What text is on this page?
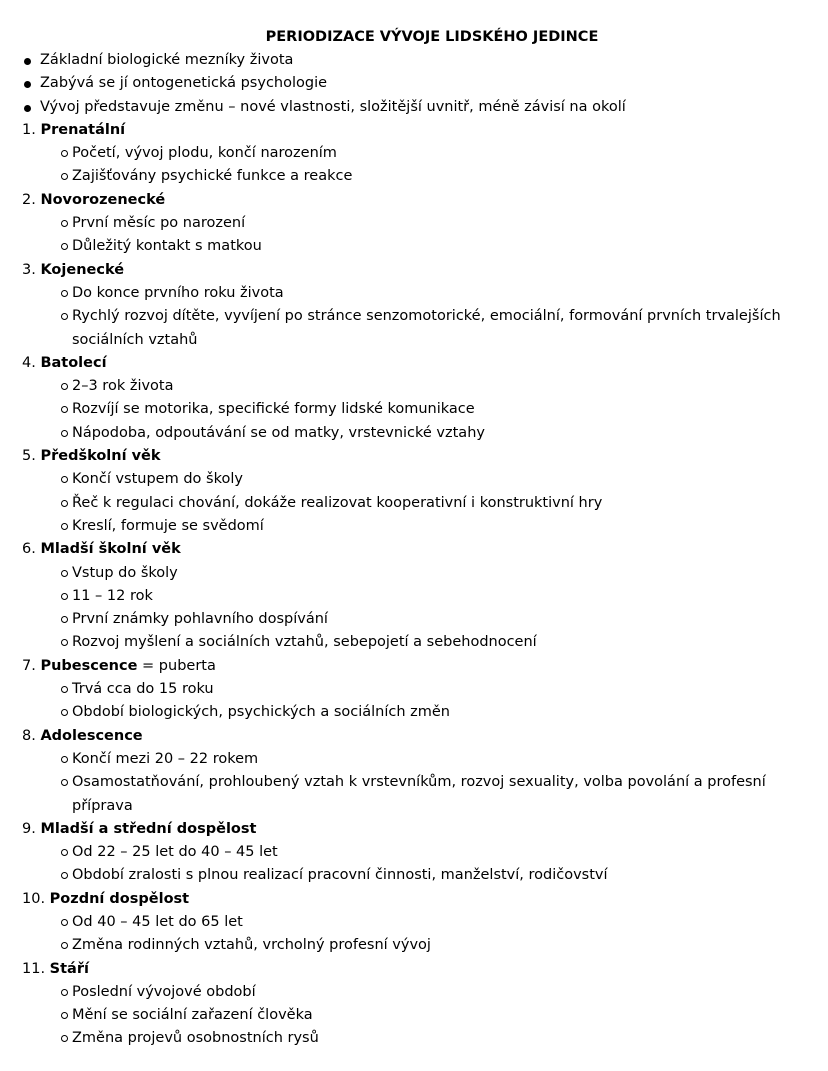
PERIODIZACE VÝVOJE LIDSKÉHO JEDINCE
Základní biologické mezníky života
Zabývá se jí ontogenetická psychologie
Vývoj představuje změnu – nové vlastnosti, složitější uvnitř, méně závisí na okolí
1. Prenatální
Početí, vývoj plodu, končí narozením
Zajišťovány psychické funkce a reakce
2. Novorozenecké
První měsíc po narození
Důležitý kontakt s matkou
3. Kojenecké
Do konce prvního roku života
Rychlý rozvoj dítěte, vyvíjení po stránce senzomotorické, emociální, formování prvních trvalejších sociálních vztahů
4. Batolecí
2–3 rok života
Rozvíjí se motorika, specifické formy lidské komunikace
Nápodoba, odpoutávání se od matky, vrstevnické vztahy
5. Předškolní věk
Končí vstupem do školy
Řeč k regulaci chování, dokáže realizovat kooperativní i konstruktivní hry
Kreslí, formuje se svědomí
6. Mladší školní věk
Vstup do školy
11 – 12 rok
První známky pohlavního dospívání
Rozvoj myšlení a sociálních vztahů, sebepojetí a sebehodnocení
7. Pubescence = puberta
Trvá cca do 15 roku
Období biologických, psychických a sociálních změn
8. Adolescence
Končí mezi 20 – 22 rokem
Osamostatňování, prohloubený vztah k vrstevníkům, rozvoj sexuality, volba povolání a profesní příprava
9. Mladší a střední dospělost
Od 22 – 25 let do 40 – 45 let
Období zralosti s plnou realizací pracovní činnosti, manželství, rodičovství
10. Pozdní dospělost
Od 40 – 45 let do 65 let
Změna rodinných vztahů, vrcholný profesní vývoj
11. Stáří
Poslední vývojové období
Mění se sociální zařazení člověka
Změna projevů osobnostních rysů
